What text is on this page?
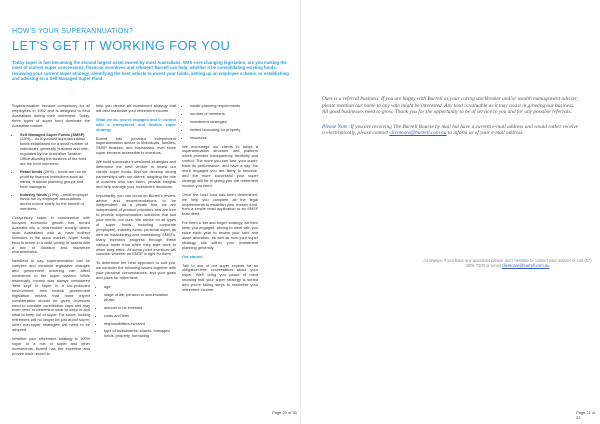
HOW'S YOUR SUPERANNUATION?
LET'S GET IT WORKING FOR YOU
Today super is fast becoming the second largest asset owned by most Australians. With ever-changing legislation, are you making the most of current super concessions, financial incentives and rebates? Burrell can help, whether it be consolidating existing funds, reviewing your current super strategy, identifying the best vehicle to invest your funds, setting up an employee scheme, or establishing and advising on a Self Managed Super Fund.

Superannuation became compulsory for all employees in 1992 and is designed to fund Australians during their retirement. Today, three types of super fund dominate the Australian market:

• Self Managed Super Funds (SMSF) (33%) – do-it-yourself superannuation funds established for a small number of individuals, generally husband and wife, regulated by the Australian Taxation Office allowing the trustees of the fund are the fund members.
• Retail funds (26%) – funds are run for profit by financial institutions such as banks, financial planning groups and fund managers.
• Industry funds (19%) – multi-employer funds run by employer associations and/or unions solely for the benefit of members.

Compulsory super in combination with buoyant economic growth has turned Australia into a 'shareholder society' where most Australians own or have indirect investors in the stock market. Super funds tend to invest in a wide variety of assets with a mix of duration and risk/return characteristics.

Needless to say, superannuation can be complex and constant legislative changes and government tinkering can affect confidence in the super system. While historically, money was always considered 'best kept' in super in a tax-protected environment, new federal government legislation means that more expert consideration should be given. Investors need to consider contribution caps and may even need to determine what to keep in and what to keep out of super. For some, locking retirement will no longer be just about super; other non-super strategies will need to be adopted.

Whether your retirement strategy is 100% super or a mix of super and other investments, Burrell has the expertise and proven track record to

help you devise an investment strategy that will best maximise your retirement income.

What we do, you're engaged and in control with a transparent and flexible super strategy

Burrell has provided independent superannuation advice to individuals, families, SMSF trustees, and businesses, ever since super became accessible to investors.

We build successful investment strategies and determine the best vehicle to invest our clients' super funds. And we develop strong partnerships with our clients, adopting the role of coaches who can listen, provide insights and help manage your investment decisions.

Importantly, you can count on Burrell's review, advice and recommendations to be independent. As a private firm, we are independent of product providers and are free to provide superannuation solutions that suit your needs, not ours. We advise on all types of super funds including corporate (employee), industry funds, personal super, as well as establishing and maintaining SMSFs. Many investors progress through these various funds from when they start work to when they retire. At some point investors will consider whether an SMSF is right for them.

To determine the best approach to suit you, we consider the following issues together with your personal circumstances, and your goals and plans for retirement:

• age
• stage of life: pension or accumulation phase
• amount to be invested
• costs and fees
• responsibilities involved
• type of investments: shares, managed funds, property, borrowing
• estate planning requirements
• number of members
• investment strategies
• limited borrowing for property
• insurance.

We encourage our clients to adopt a superannuation structure and platform which provides transparency, flexibility and control. The more you can 'see' your super, track its performance, and have a say, the more engaged you are likely to become, and the more successful your super strategy will be in giving you the retirement income you need.

Once the best fund has been determined, we help you complete all the legal requirements to establish your chosen fund, from a simple retail application to an SMSF trust deed.

For them a 'set and forget' strategy, we then keep you engaged, aiming to meet with you twice each year to review your fund and asset allocation, as well as how your super strategy sits within your investment planning generally.

Get started

Talk to one of our super experts for an obligation-free conversation about your super. We'll bring you peace of mind knowing that your super strategy is sorted and you're taking steps to maximise your retirement income.

Page 20 of 33

Ours is a referral business. If you are happy with Burrell as your caring stockbroker and/or wealth management adviser, please mention our name to any who might be interested. Any lead is valuable as it may assist in growing our business. All good businesses need to grow. Thank you for the opportunity to be of service to you and for any possible referrals.

Please Note: If you are receiving The Burrell Bourse by mail but have a current e-mail address and would rather receive it electronically, please contact clientcare@burrell.com.au to inform us of your e-mail address.

As always, if you have any questions please don't hesitate to contact your adviser or call (07) 3006 7200 or email clientcare@burrell.com.au
Page 21 of 33
